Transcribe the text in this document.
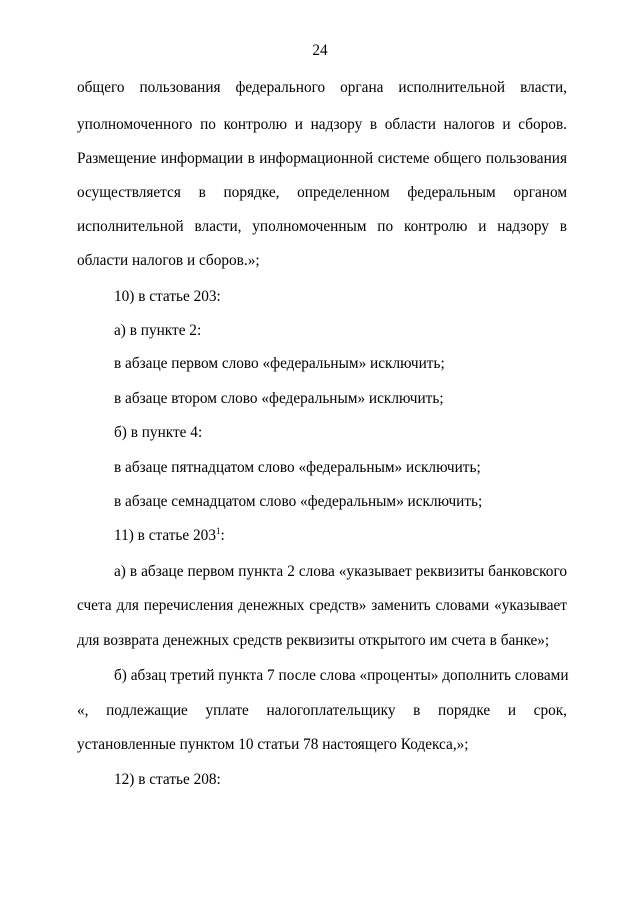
24
общего пользования федерального органа исполнительной власти,
уполномоченного по контролю и надзору в области налогов и сборов.
Размещение информации в информационной системе общего пользования
осуществляется в порядке, определенном федеральным органом
исполнительной власти, уполномоченным по контролю и надзору в
области налогов и сборов.»;
10) в статье 203:
а) в пункте 2:
в абзаце первом слово «федеральным» исключить;
в абзаце втором слово «федеральным» исключить;
б) в пункте 4:
в абзаце пятнадцатом слово «федеральным» исключить;
в абзаце семнадцатом слово «федеральным» исключить;
11) в статье $203^1$:
а) в абзаце первом пункта 2 слова «указывает реквизиты банковского
счета для перечисления денежных средств» заменить словами «указывает
для возврата денежных средств реквизиты открытого им счета в банке»;
б) абзац третий пункта 7 после слова «проценты» дополнить словами
«, подлежащие уплате налогоплательщику в порядке и срок,
установленные пунктом 10 статьи 78 настоящего Кодекса,»;
12) в статье 208:
